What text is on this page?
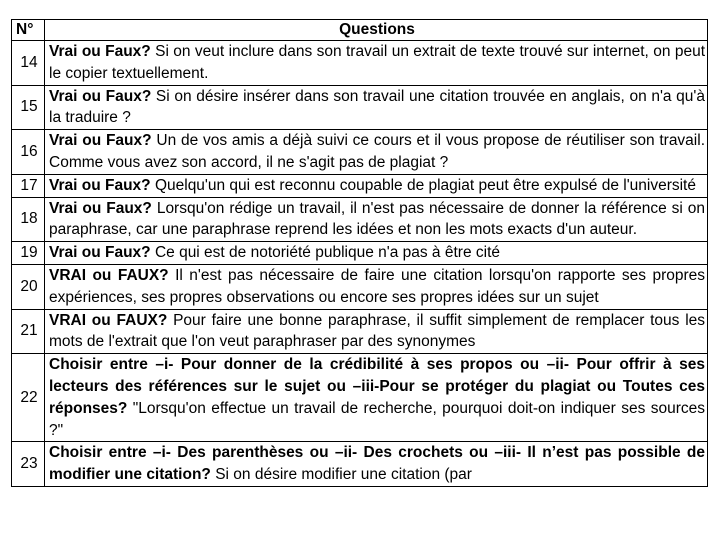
N°	Questions
14	Vrai ou Faux? Si on veut inclure dans son travail un extrait de texte trouvé sur internet, on peut le copier textuellement.
15	Vrai ou Faux? Si on désire insérer dans son travail une citation trouvée en anglais, on n'a qu'à la traduire ?
16	Vrai ou Faux? Un de vos amis a déjà suivi ce cours et il vous propose de réutiliser son travail. Comme vous avez son accord, il ne s'agit pas de plagiat ?
17	Vrai ou Faux? Quelqu'un qui est reconnu coupable de plagiat peut être expulsé de l'université
18	Vrai ou Faux? Lorsqu'on rédige un travail, il n'est pas nécessaire de donner la référence si on paraphrase, car une paraphrase reprend les idées et non les mots exacts d'un auteur.
19	Vrai ou Faux? Ce qui est de notoriété publique n'a pas à être cité
20	VRAI ou FAUX? Il n'est pas nécessaire de faire une citation lorsqu'on rapporte ses propres expériences, ses propres observations ou encore ses propres idées sur un sujet
21	VRAI ou FAUX? Pour faire une bonne paraphrase, il suffit simplement de remplacer tous les mots de l'extrait que l'on veut paraphraser par des synonymes
22	Choisir entre –i- Pour donner de la crédibilité à ses propos ou –ii- Pour offrir à ses lecteurs des références sur le sujet ou –iii-Pour se protéger du plagiat ou Toutes ces réponses? "Lorsqu'on effectue un travail de recherche, pourquoi doit-on indiquer ses sources ?"
23	Choisir entre –i- Des parenthèses ou –ii- Des crochets ou –iii- Il n’est pas possible de modifier une citation? Si on désire modifier une citation (par
